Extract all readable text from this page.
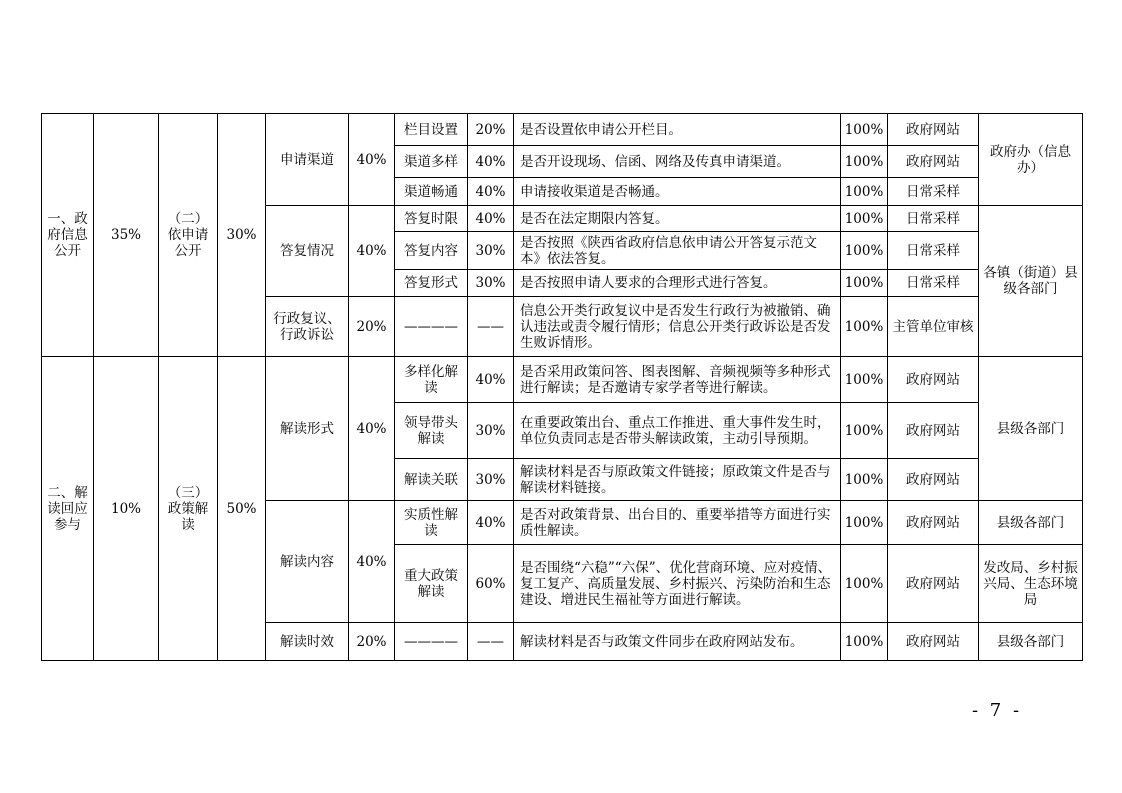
一、政府信息公开	35%	（二）依申请公开	30%	申请渠道	40%	栏目设置	20%	是否设置依申请公开栏目。	100%	政府网站	政府办（信息办）
						渠道多样	40%	是否开设现场、信函、网络及传真申请渠道。	100%	政府网站	
						渠道畅通	40%	申请接收渠道是否畅通。	100%	日常采样	
				答复情况	40%	答复时限	40%	是否在法定期限内答复。	100%	日常采样	各镇（街道）县级各部门
						答复内容	30%	是否按照《陕西省政府信息依申请公开答复示范文本》依法答复。	100%	日常采样	
						答复形式	30%	是否按照申请人要求的合理形式进行答复。	100%	日常采样	
				行政复议、行政诉讼	20%	————	——	信息公开类行政复议中是否发生行政行为被撤销、确认违法或责令履行情形；信息公开类行政诉讼是否发生败诉情形。	100%	主管单位审核	
二、解读回应参与	10%	（三）政策解读	50%	解读形式	40%	多样化解读	40%	是否采用政策问答、图表图解、音频视频等多种形式进行解读；是否邀请专家学者等进行解读。	100%	政府网站	县级各部门
						领导带头解读	30%	在重要政策出台、重点工作推进、重大事件发生时，单位负责同志是否带头解读政策，主动引导预期。	100%	政府网站	
						解读关联	30%	解读材料是否与原政策文件链接；原政策文件是否与解读材料链接。	100%	政府网站	
				解读内容	40%	实质性解读	40%	是否对政策背景、出台目的、重要举措等方面进行实质性解读。	100%	政府网站	县级各部门
						重大政策解读	60%	是否围绕“六稳”“六保”、优化营商环境、应对疫情、复工复产、高质量发展、乡村振兴、污染防治和生态建设、增进民生福祉等方面进行解读。	100%	政府网站	发改局、乡村振兴局、生态环境局
				解读时效	20%	————	——	解读材料是否与政策文件同步在政府网站发布。	100%	政府网站	县级各部门
- 7 -
